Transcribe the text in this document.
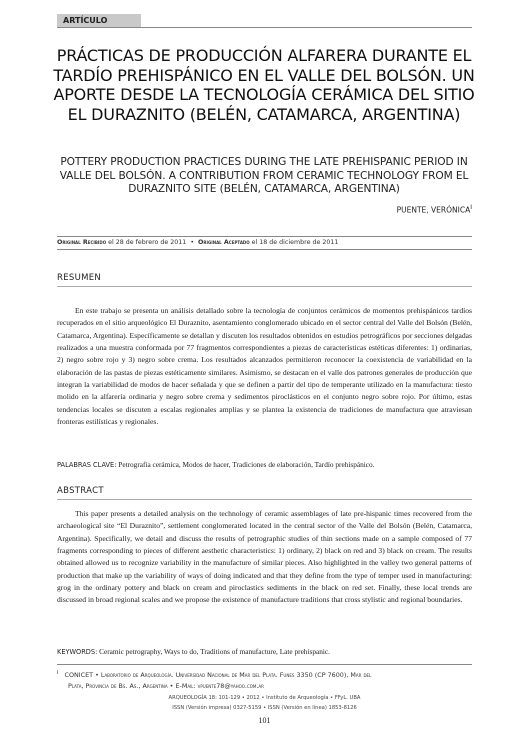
ARTÍCULO
PRÁCTICAS DE PRODUCCIÓN ALFARERA DURANTE EL TARDÍO PREHISPÁNICO EN EL VALLE DEL BOLSÓN. UN APORTE DESDE LA TECNOLOGÍA CERÁMICA DEL SITIO EL DURAZNITO (BELÉN, CATAMARCA, ARGENTINA)
POTTERY PRODUCTION PRACTICES DURING THE LATE PREHISPANIC PERIOD IN VALLE DEL BOLSÓN. A CONTRIBUTION FROM CERAMIC TECHNOLOGY FROM EL DURAZNITO SITE (BELÉN, CATAMARCA, ARGENTINA)
PUENTE, $VERÓNICA^I$
Original Recibido el 28 de febrero de 2011 • Original Aceptado el 18 de diciembre de 2011
RESUMEN
En este trabajo se presenta un análisis detallado sobre la tecnología de conjuntos cerámicos de momentos prehispánicos tardíos recuperados en el sitio arqueológico El Duraznito, asentamiento conglomerado ubicado en el sector central del Valle del Bolsón (Belén, Catamarca, Argentina). Específicamente se detallan y discuten los resultados obtenidos en estudios petrográficos por secciones delgadas realizados a una muestra conformada por 77 fragmentos correspondientes a piezas de características estéticas diferentes: 1) ordinarias, 2) negro sobre rojo y 3) negro sobre crema. Los resultados alcanzados permitieron reconocer la coexistencia de variabilidad en la elaboración de las pastas de piezas estéticamente similares. Asimismo, se destacan en el valle dos patrones generales de producción que integran la variabilidad de modos de hacer señalada y que se definen a partir del tipo de temperante utilizado en la manufactura: tiesto molido en la alfarería ordinaria y negro sobre crema y sedimentos piroclásticos en el conjunto negro sobre rojo. Por último, estas tendencias locales se discuten a escalas regionales amplias y se plantea la existencia de tradiciones de manufactura que atraviesan fronteras estilísticas y regionales.
PALABRAS CLAVE: Petrografía cerámica, Modos de hacer, Tradiciones de elaboración, Tardío prehispánico.
ABSTRACT
This paper presents a detailed analysis on the technology of ceramic assemblages of late pre-hispanic times recovered from the archaeological site “El Duraznito”, settlement conglomerated located in the central sector of the Valle del Bolsón (Belén, Catamarca, Argentina). Specifically, we detail and discuss the results of petrographic studies of thin sections made on a sample composed of 77 fragments corresponding to pieces of different aesthetic characteristics: 1) ordinary, 2) black on red and 3) black on cream. The results obtained allowed us to recognize variability in the manufacture of similar pieces. Also highlighted in the valley two general patterns of production that make up the variability of ways of doing indicated and that they define from the type of temper used in manufacturing: grog in the ordinary pottery and black on cream and piroclastics sediments in the black on red set. Finally, these local trends are discussed in broad regional scales and we propose the existence of manufacture traditions that cross stylistic and regional boundaries.
KEYWORDS: Ceramic petrography, Ways to do, Traditions of manufacture, Late prehispanic.
$^I$ CONICET • Laboratorio de Arqueología. Universidad Nacional de Mar del Plata. Funes 3350 (CP 7600), Mar del
Plata, Provincia de Bs. As., Argentina • E-Mail: vpuente78@yahoo.com.ar
ARQUEOLOGÍA 18: 101-129 • 2012 • Instituto de Arqueología • FFyL. UBA
ISSN (Versión impresa) 0327-5159 • ISSN (Versión en línea) 1853-8126
101
